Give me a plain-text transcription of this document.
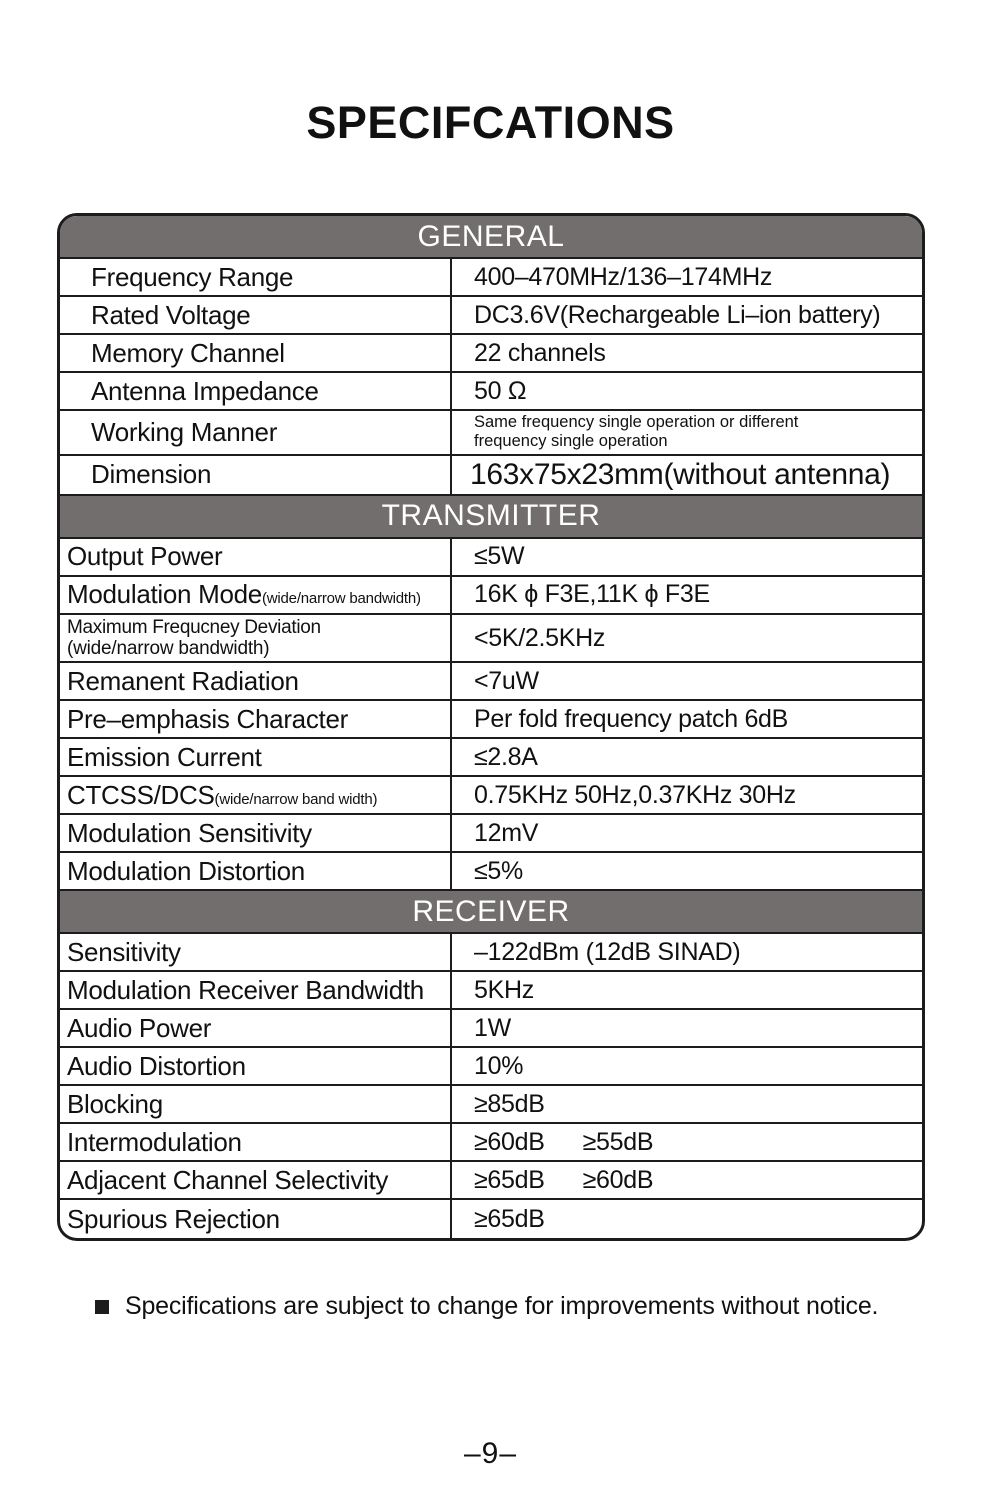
SPECIFCATIONS
GENERAL
Frequency Range	400–470MHz/136–174MHz
Rated Voltage	DC3.6V(Rechargeable Li–ion battery)
Memory Channel	22 channels
Antenna Impedance	50 Ω
Working Manner	Same frequency single operation or different frequency single operation
Dimension	163x75x23mm(without antenna)
TRANSMITTER
Output Power	≤5W
Modulation Mode(wide/narrow bandwidth)	16K ϕ F3E,11K ϕ F3E
Maximum Frequcney Deviation
(wide/narrow bandwidth)	<5K/2.5KHz
Remanent Radiation	<7uW
Pre–emphasis Character	Per fold frequency patch 6dB
Emission Current	≤2.8A
CTCSS/DCS(wide/narrow band width)	0.75KHz 50Hz,0.37KHz 30Hz
Modulation Sensitivity	12mV
Modulation Distortion	≤5%
RECEIVER
Sensitivity	–122dBm (12dB SINAD)
Modulation Receiver Bandwidth	5KHz
Audio Power	1W
Audio Distortion	10%
Blocking	≥85dB
Intermodulation	≥60dB ≥55dB
Adjacent Channel Selectivity	≥65dB ≥60dB
Spurious Rejection	≥65dB
Specifications are subject to change for improvements without notice.
–9–
